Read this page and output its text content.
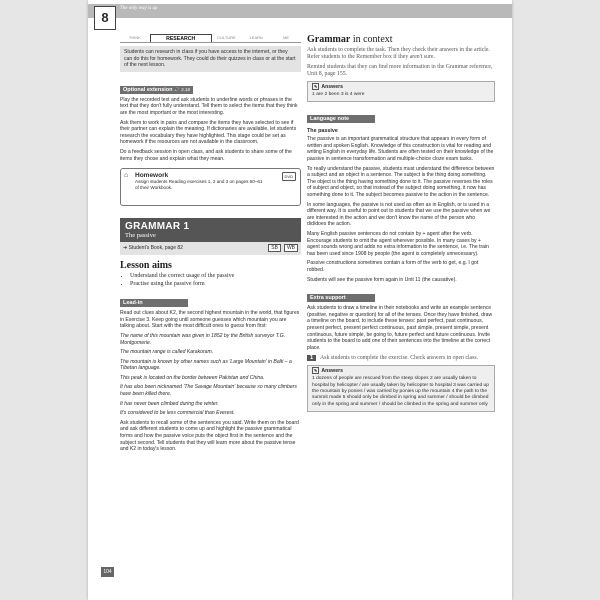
The only way is up
8
THINK	RESEARCH	CULTURE	LEARN	ME

Students can research in class if you have access to the internet, or they can do this for homework. They could do their quizzes in class or at the start of the next lesson.

Optional extension 🔊 2.18

Play the recorded text and ask students to underline words or phrases in the text that they don't fully understand. Tell them to select the items that they think are the most important or the most interesting.

Ask them to work in pairs and compare the items they have selected to see if their partner can explain the meaning. If dictionaries are available, let students research the vocabulary they have highlighted. This stage could be set as homework if the resources are not available in the classroom.

Do a feedback session in open class, and ask students to share some of the items they chose and explain what they mean.

⌂ Homework
Assign students Reading exercises 1, 2 and 3 on pages 60–61 of their Workbook.
DVD
GRAMMAR 1
The passive
➜ Student's Book, page 82	SB	WB
Lesson aims
• Understand the correct usage of the passive
• Practise using the passive form
Lead-in

Read out clues about K2, the second highest mountain in the world, that figures in Exercise 3. Keep going until someone guesses which mountain you are talking about. Start with the most difficult ones to guess from first:

The name of this mountain was given in 1852 by the British surveyor T.G. Montgomerie.

The mountain range is called Karakoram.

The mountain is known by other names such as 'Large Mountain' in Balti – a Tibetan language.

This peak is located on the border between Pakistan and China.

It has also been nicknamed 'The Savage Mountain' because so many climbers have been killed there.

It has never been climbed during the winter.

It's considered to be less commercial than Everest.

Ask students to recall some of the sentences you said. Write them on the board and ask different students to come up and highlight the passive grammatical forms and how the passive voice puts the object first in the sentence and the subject second. Tell students that they will learn more about the passive tense and K2 in today's lesson.

Grammar in context

Ask students to complete the task. Then they check their answers in the article. Refer students to the Remember box if they aren't sure.

Remind students that they can find more information in the Grammar reference, Unit 8, page 155.

✎ Answers

1 are 2 been 3 is 4 were

Language note
The passive

The passive is an important grammatical structure that appears in every form of written and spoken English. Knowledge of this construction is vital for reading and writing English in everyday life. Students are often tested on their knowledge of the passive in sentence transformation and multiple-choice cloze exam tasks.

To really understand the passive, students must understand the difference between a subject and an object in a sentence. The subject is the thing doing something. The object is the thing having something done to it. The passive reverses the roles of subject and object, so that instead of the subject doing something, it now has something done to it. The subject becomes passive to the action in the sentence.

In some languages, the passive is not used as often as in English, or is used in a different way. It is useful to point out to students that we use the passive when we are interested in the action and we don't know the name of the person who did/does the action.

Many English passive sentences do not contain by + agent after the verb. Encourage students to omit the agent wherever possible. In many cases by + agent sounds wrong and adds no extra information to the sentence, i.e. The train has been used since 1908 by people (the agent is completely unnecessary).

Passive constructions sometimes contain a form of the verb to get, e.g. I got robbed.

Students will see the passive form again in Unit 11 (the causative).

Extra support

Ask students to draw a timeline in their notebooks and write an example sentence (positive, negative or question) for all of the tenses. Once they have finished, draw a timeline on the board, to include these tenses: past perfect, past continuous, present perfect, present perfect continuous, past simple, present simple, present continuous, future simple, be going to, future perfect and future continuous. Invite students to the board to add one of their sentences into the timeline at the correct place.

1	Ask students to complete the exercise. Check answers in open class.

✎ Answers

1 dozens of people are rescued from the steep slopes 2 are usually taken to hospital by helicopter / are usually taken by helicopter to hospital 3 was carried up the mountain by ponies / was carried by ponies up the mountain 4 the path to the summit made 5 should only be climbed in spring and summer / should be climbed only in the spring and summer / should be climbed in the spring and summer only

104
